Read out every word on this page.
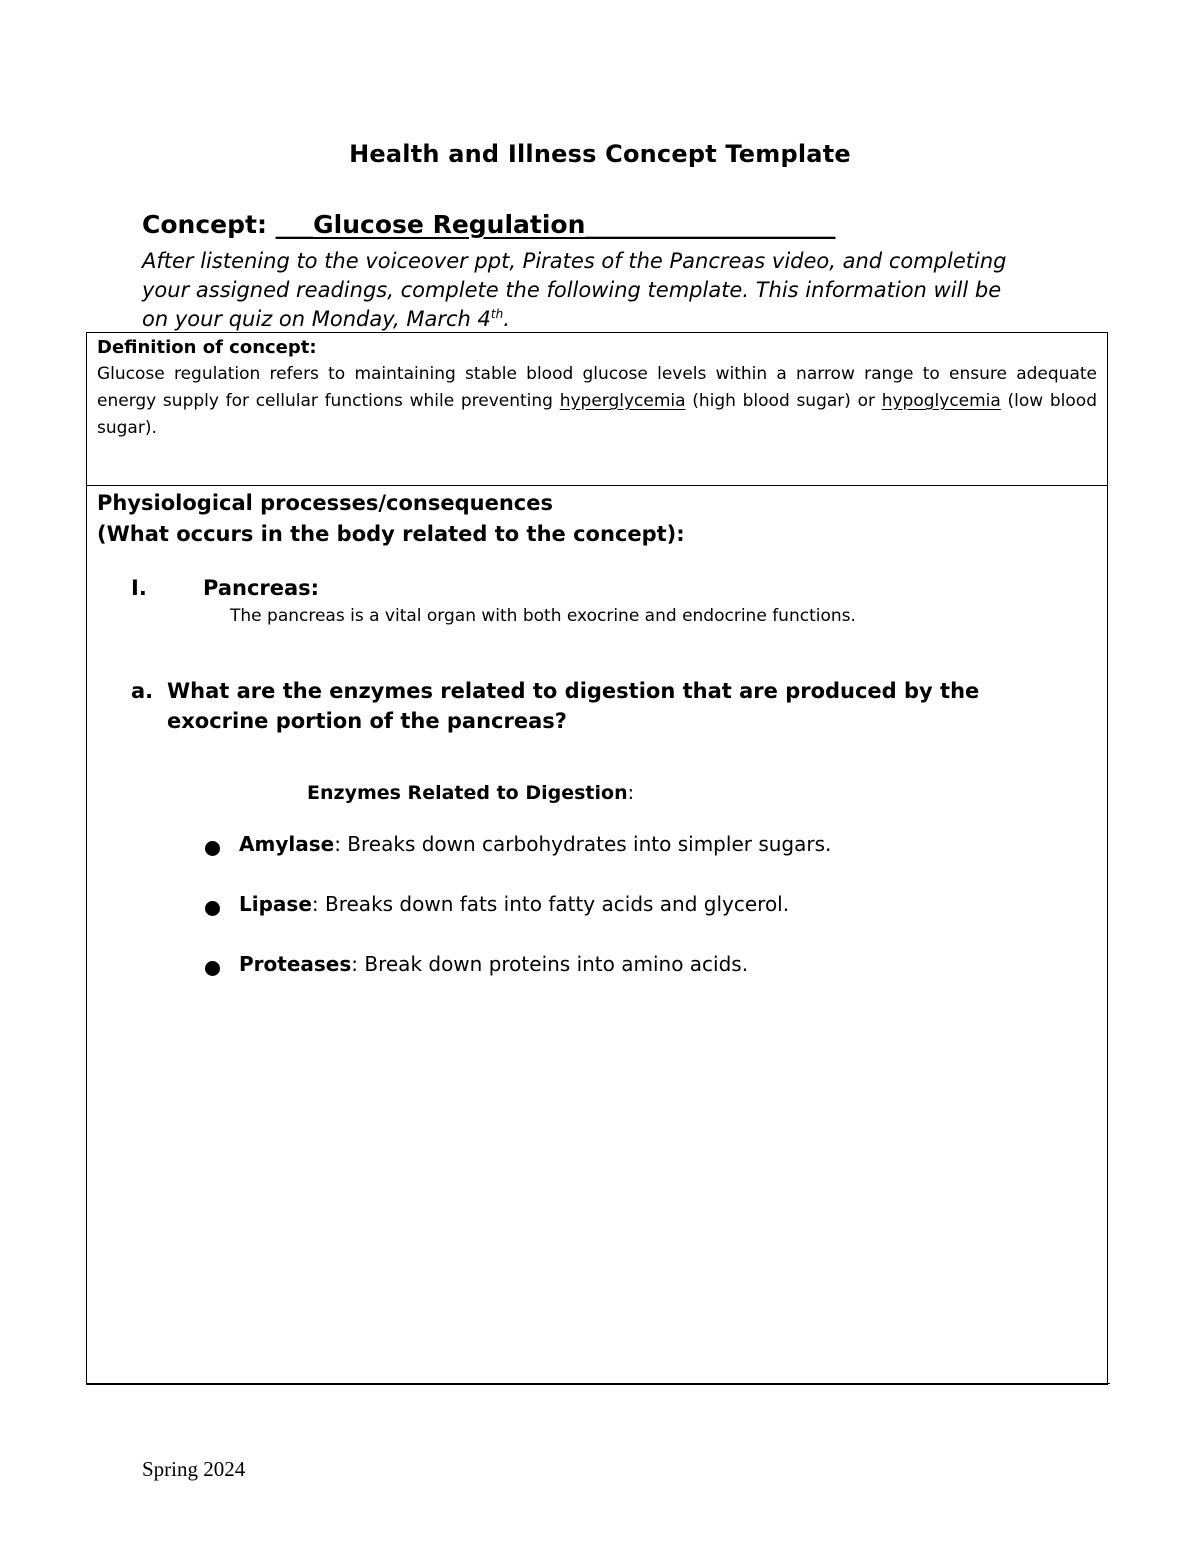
Health and Illness Concept Template
Concept: ___Glucose Regulation____________________
After listening to the voiceover ppt, Pirates of the Pancreas video, and completing your assigned readings, complete the following template. This information will be on your quiz on Monday, March 4th.
Definition of concept:
Glucose regulation refers to maintaining stable blood glucose levels within a narrow range to ensure adequate energy supply for cellular functions while preventing hyperglycemia (high blood sugar) or hypoglycemia (low blood sugar).
Physiological processes/consequences
(What occurs in the body related to the concept):
I.	Pancreas:
The pancreas is a vital organ with both exocrine and endocrine functions.
a. What are the enzymes related to digestion that are produced by the
exocrine portion of the pancreas?
Enzymes Related to Digestion:
Amylase: Breaks down carbohydrates into simpler sugars.
Lipase: Breaks down fats into fatty acids and glycerol.
Proteases: Break down proteins into amino acids.
Spring 2024
